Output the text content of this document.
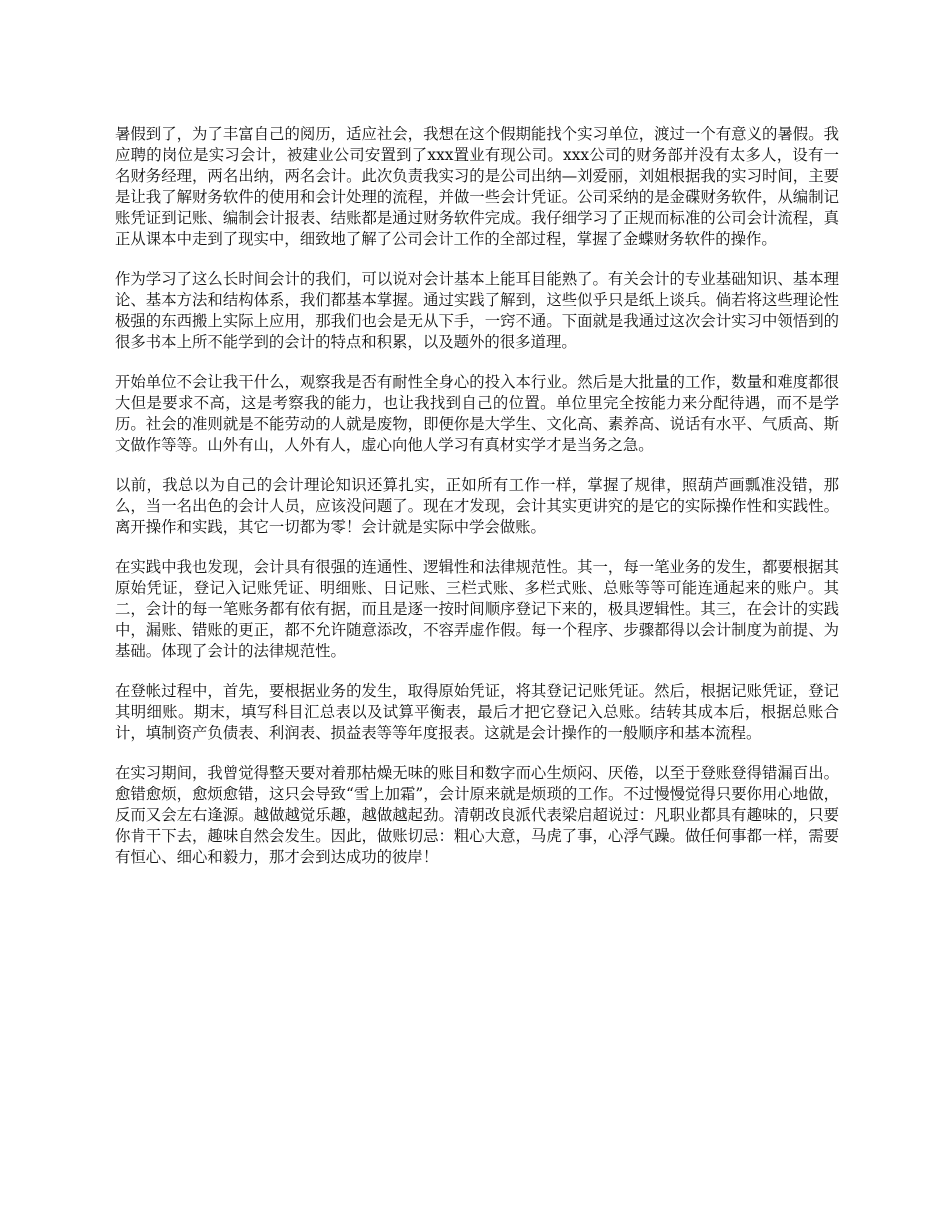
暑假到了，为了丰富自己的阅历，适应社会，我想在这个假期能找个实习单位，渡过一个有意义的暑假。我应聘的岗位是实习会计，被建业公司安置到了xxx置业有现公司。xxx公司的财务部并没有太多人，设有一名财务经理，两名出纳，两名会计。此次负责我实习的是公司出纳—刘爱丽，刘姐根据我的实习时间，主要是让我了解财务软件的使用和会计处理的流程，并做一些会计凭证。公司采纳的是金碟财务软件，从编制记账凭证到记账、编制会计报表、结账都是通过财务软件完成。我仔细学习了正规而标准的公司会计流程，真正从课本中走到了现实中，细致地了解了公司会计工作的全部过程，掌握了金蝶财务软件的操作。

作为学习了这么长时间会计的我们，可以说对会计基本上能耳目能熟了。有关会计的专业基础知识、基本理论、基本方法和结构体系，我们都基本掌握。通过实践了解到，这些似乎只是纸上谈兵。倘若将这些理论性极强的东西搬上实际上应用，那我们也会是无从下手，一窍不通。下面就是我通过这次会计实习中领悟到的很多书本上所不能学到的会计的特点和积累，以及题外的很多道理。

开始单位不会让我干什么，观察我是否有耐性全身心的投入本行业。然后是大批量的工作，数量和难度都很大但是要求不高，这是考察我的能力，也让我找到自己的位置。单位里完全按能力来分配待遇，而不是学历。社会的准则就是不能劳动的人就是废物，即便你是大学生、文化高、素养高、说话有水平、气质高、斯文做作等等。山外有山，人外有人，虚心向他人学习有真材实学才是当务之急。

以前，我总以为自己的会计理论知识还算扎实，正如所有工作一样，掌握了规律，照葫芦画瓢准没错，那么，当一名出色的会计人员，应该没问题了。现在才发现，会计其实更讲究的是它的实际操作性和实践性。离开操作和实践，其它一切都为零！会计就是实际中学会做账。

在实践中我也发现，会计具有很强的连通性、逻辑性和法律规范性。其一，每一笔业务的发生，都要根据其原始凭证，登记入记账凭证、明细账、日记账、三栏式账、多栏式账、总账等等可能连通起来的账户。其二，会计的每一笔账务都有依有据，而且是逐一按时间顺序登记下来的，极具逻辑性。其三，在会计的实践中，漏账、错账的更正，都不允许随意添改，不容弄虚作假。每一个程序、步骤都得以会计制度为前提、为基础。体现了会计的法律规范性。

在登帐过程中，首先，要根据业务的发生，取得原始凭证，将其登记记账凭证。然后，根据记账凭证，登记其明细账。期末，填写科目汇总表以及试算平衡表，最后才把它登记入总账。结转其成本后，根据总账合计，填制资产负债表、利润表、损益表等等年度报表。这就是会计操作的一般顺序和基本流程。

在实习期间，我曾觉得整天要对着那枯燥无味的账目和数字而心生烦闷、厌倦，以至于登账登得错漏百出。愈错愈烦，愈烦愈错，这只会导致“雪上加霜”，会计原来就是烦琐的工作。不过慢慢觉得只要你用心地做，反而又会左右逢源。越做越觉乐趣，越做越起劲。清朝改良派代表梁启超说过：凡职业都具有趣味的，只要你肯干下去，趣味自然会发生。因此，做账切忌：粗心大意，马虎了事，心浮气躁。做任何事都一样，需要有恒心、细心和毅力，那才会到达成功的彼岸！
